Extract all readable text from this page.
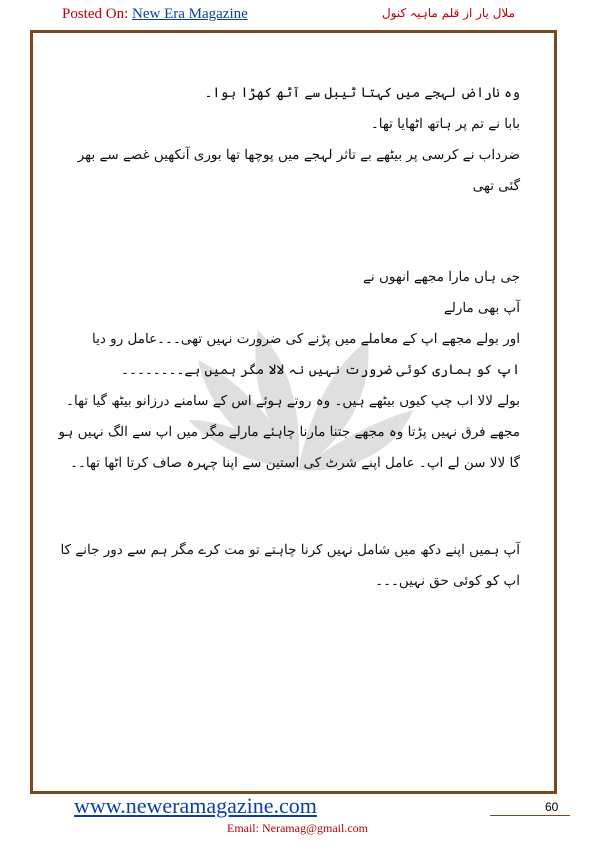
Posted On: New Era Magazine	ملال یار از قلم ماہیہ کنول

وہ ناراض لہجے میں کہتا ٹیبل سے آٹھ کھڑا ہوا۔

بابا نے تم پر ہاتھ اٹھایا تھا۔

ضرداب نے کرسی پر بیٹھے بے تاثر لہجے میں پوچھا تھا بوری آنکھیں غصے سے بھر گئی تھی

جی ہاں مارا مجھے انھوں نے

آپ بھی مارلے

اور بولے مجھے اپ کے معاملے میں پڑنے کی ضرورت نہیں تھی۔۔۔عامل رو دیا

اپ کو ہماری کوئی ضرورت نہیں نہ لالا مگر ہمیں ہے۔۔۔۔۔۔۔۔

بولے لالا اب چپ کیوں بیٹھے ہیں۔ وہ روتے ہوئے اس کے سامنے درزانو بیٹھ گیا تھا۔

مجھے فرق نہیں پڑتا وہ مجھے جتنا مارنا چاہئے مارلے مگر میں اپ سے الگ نہیں ہو گا لالا سن لے اپ۔ عامل اپنے شرٹ کی استین سے اپنا چہرہ صاف کرتا اٹھا تھا۔۔

آپ ہمیں اپنے دکھ میں شامل نہیں کرنا چاہتے تو مت کرے مگر ہم سے دور جانے کا اپ کو کوئی حق نہیں۔۔۔

www.neweramagazine.com	60
Email: Neramag@gmail.com
